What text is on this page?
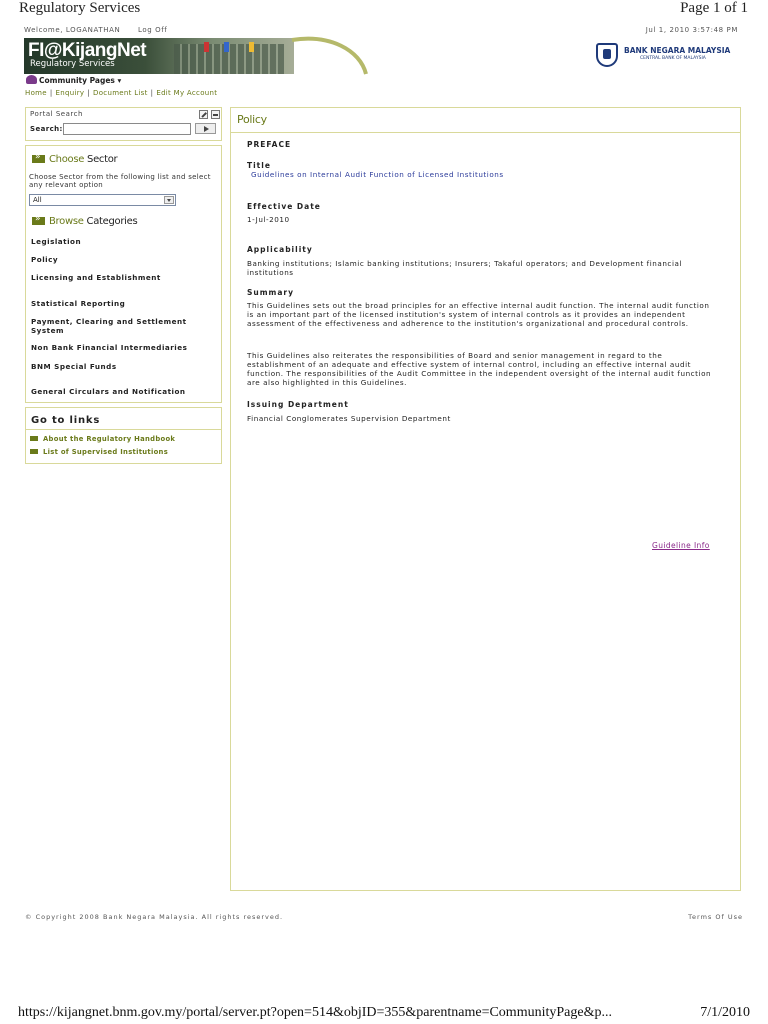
Regulatory Services	Page 1 of 1
Welcome, LOGANATHAN	Log Off	Jul 1, 2010 3:57:48 PM
FI@KijangNet
Regulatory Services
BANK NEGARA MALAYSIA
CENTRAL BANK OF MALAYSIA
Community Pages ▾
Home | Enquiry | Document List | Edit My Account
Portal Search
Search:
»Choose Sector
Choose Sector from the following list and select any relevant option
All
»Browse Categories
Legislation
Policy
Licensing and Establishment
Statistical Reporting
Payment, Clearing and Settlement System
Non Bank Financial Intermediaries
BNM Special Funds
General Circulars and Notification
Go to links
About the Regulatory Handbook
List of Supervised Institutions
Policy
PREFACE
Title
Guidelines on Internal Audit Function of Licensed Institutions
Effective Date
1-Jul-2010
Applicability
Banking institutions; Islamic banking institutions; Insurers; Takaful operators; and Development financial institutions
Summary
This Guidelines sets out the broad principles for an effective internal audit function. The internal audit function is an important part of the licensed institution's system of internal controls as it provides an independent assessment of the effectiveness and adherence to the institution's organizational and procedural controls.
This Guidelines also reiterates the responsibilities of Board and senior management in regard to the establishment of an adequate and effective system of internal control, including an effective internal audit function. The responsibilities of the Audit Committee in the independent oversight of the internal audit function are also highlighted in this Guidelines.
Issuing Department
Financial Conglomerates Supervision Department
Guideline Info
© Copyright 2008 Bank Negara Malaysia. All rights reserved.	Terms Of Use
https://kijangnet.bnm.gov.my/portal/server.pt?open=514&objID=355&parentname=CommunityPage&p...	7/1/2010
